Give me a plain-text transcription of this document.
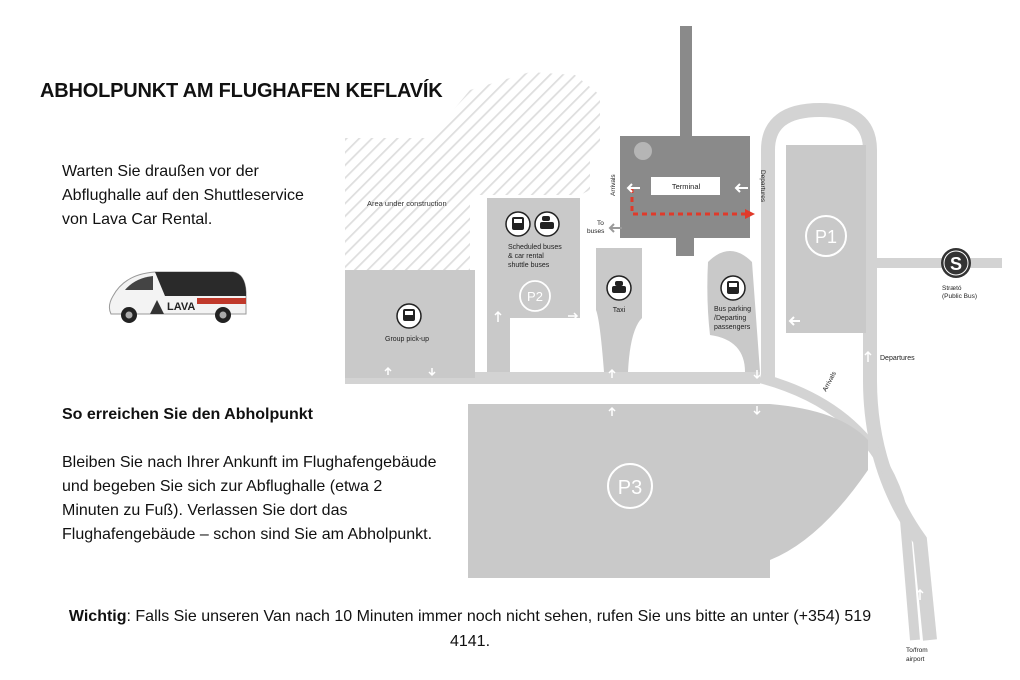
Area under construction
Group pick-up
Scheduled buses
& car rental
shuttle buses
P2
Taxi
Terminal
Arrivals	Departures
To
buses
Bus parking
/Departing
passengers
P1
P3
S
Strætó
(Public Bus)
Departures
Arrivals
To/from
airport
ABHOLPUNKT AM FLUGHAFEN KEFLAVÍK
Warten Sie draußen vor der Abflughalle auf den Shuttleservice von Lava Car Rental.
LAVA
So erreichen Sie den Abholpunkt
Bleiben Sie nach Ihrer Ankunft im Flughafengebäude und begeben Sie sich zur Abflughalle (etwa 2 Minuten zu Fuß). Verlassen Sie dort das Flughafengebäude – schon sind Sie am Abholpunkt.
Wichtig: Falls Sie unseren Van nach 10 Minuten immer noch nicht sehen, rufen Sie uns bitte an unter (+354) 519 4141.
